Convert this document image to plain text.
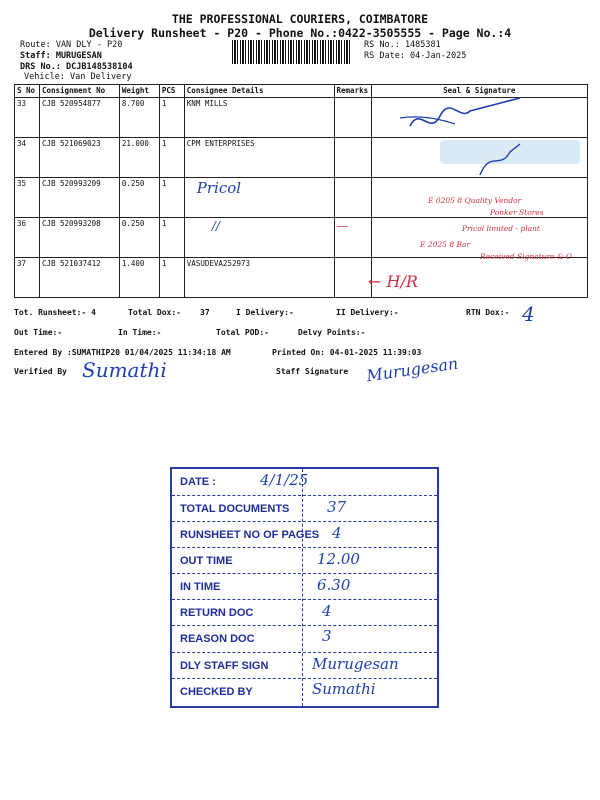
THE PROFESSIONAL COURIERS, COIMBATORE
Delivery Runsheet - P20 - Phone No.:0422-3505555 - Page No.:4
Route: VAN DLY - P20
Staff: MURUGESAN
DRS No.: DCJB148538104
Vehicle: Van Delivery
RS No.: 1485381
RS Date: 04-Jan-2025
S No	Consignment No	Weight	PCS	Consignee Details	Remarks	Seal & Signature
33	CJB 520954877	8.700	1	KNM MILLS		
34	CJB 521069023	21.000	1	CPM ENTERPRISES		
35	CJB 520993209	0.250	1	Pricol		
36	CJB 520993208	0.250	1	//	—	
37	CJB 521037412	1.400	1	VASUDEVA252973		
E 0205 8 Quality Vendor
Ponker Stores
Pricol limited - plant
E 2025 8 Bar
Received Signature & O
← H/R
Tot. Runsheet:- 4	Total Dox:- 37	I Delivery:-	II Delivery:-	RTN Dox:- 4
Out Time:-	In Time:-	Total POD:-	Delvy Points:-
Entered By :SUMATHIP20 01/04/2025 11:34:18 AM	Printed On: 04-01-2025 11:39:03
Verified By Sumathi	Staff Signature Murugesan
DATE :	4/1/25
TOTAL DOCUMENTS	37
RUNSHEET NO OF PAGES 4
OUT TIME	12.00
IN TIME	6.30
RETURN DOC	4
REASON DOC	3
DLY STAFF SIGN	Murugesan
CHECKED BY	Sumathi
